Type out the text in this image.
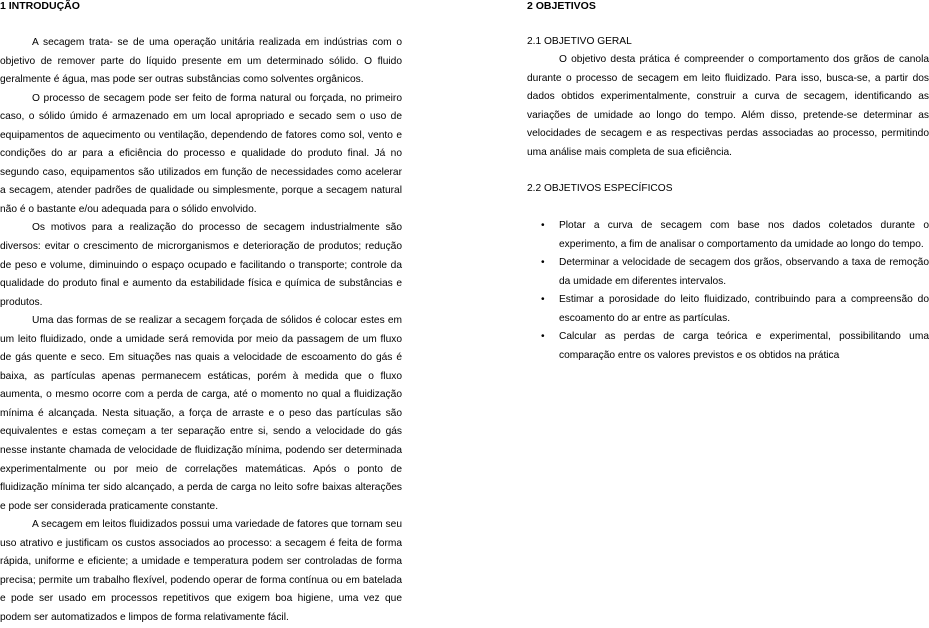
1 INTRODUÇÃO

A secagem trata- se de uma operação unitária realizada em indústrias com o objetivo de remover parte do líquido presente em um determinado sólido. O fluido geralmente é água, mas pode ser outras substâncias como solventes orgânicos.

O processo de secagem pode ser feito de forma natural ou forçada, no primeiro caso, o sólido úmido é armazenado em um local apropriado e secado sem o uso de equipamentos de aquecimento ou ventilação, dependendo de fatores como sol, vento e condições do ar para a eficiência do processo e qualidade do produto final. Já no segundo caso, equipamentos são utilizados em função de necessidades como acelerar a secagem, atender padrões de qualidade ou simplesmente, porque a secagem natural não é o bastante e/ou adequada para o sólido envolvido.

Os motivos para a realização do processo de secagem industrialmente são diversos: evitar o crescimento de microrganismos e deterioração de produtos; redução de peso e volume, diminuindo o espaço ocupado e facilitando o transporte; controle da qualidade do produto final e aumento da estabilidade física e química de substâncias e produtos.

Uma das formas de se realizar a secagem forçada de sólidos é colocar estes em um leito fluidizado, onde a umidade será removida por meio da passagem de um fluxo de gás quente e seco. Em situações nas quais a velocidade de escoamento do gás é baixa, as partículas apenas permanecem estáticas, porém à medida que o fluxo aumenta, o mesmo ocorre com a perda de carga, até o momento no qual a fluidização mínima é alcançada. Nesta situação, a força de arraste e o peso das partículas são equivalentes e estas começam a ter separação entre si, sendo a velocidade do gás nesse instante chamada de velocidade de fluidização mínima, podendo ser determinada experimentalmente ou por meio de correlações matemáticas. Após o ponto de fluidização mínima ter sido alcançado, a perda de carga no leito sofre baixas alterações e pode ser considerada praticamente constante.

A secagem em leitos fluidizados possui uma variedade de fatores que tornam seu uso atrativo e justificam os custos associados ao processo: a secagem é feita de forma rápida, uniforme e eficiente; a umidade e temperatura podem ser controladas de forma precisa; permite um trabalho flexível, podendo operar de forma contínua ou em batelada e pode ser usado em processos repetitivos que exigem boa higiene, uma vez que podem ser automatizados e limpos de forma relativamente fácil.

2 OBJETIVOS
2.1 OBJETIVO GERAL

O objetivo desta prática é compreender o comportamento dos grãos de canola durante o processo de secagem em leito fluidizado. Para isso, busca-se, a partir dos dados obtidos experimentalmente, construir a curva de secagem, identificando as variações de umidade ao longo do tempo. Além disso, pretende-se determinar as velocidades de secagem e as respectivas perdas associadas ao processo, permitindo uma análise mais completa de sua eficiência.

2.2 OBJETIVOS ESPECÍFICOS
• Plotar a curva de secagem com base nos dados coletados durante o experimento, a fim de analisar o comportamento da umidade ao longo do tempo.
• Determinar a velocidade de secagem dos grãos, observando a taxa de remoção da umidade em diferentes intervalos.
• Estimar a porosidade do leito fluidizado, contribuindo para a compreensão do escoamento do ar entre as partículas.
• Calcular as perdas de carga teórica e experimental, possibilitando uma comparação entre os valores previstos e os obtidos na prática
